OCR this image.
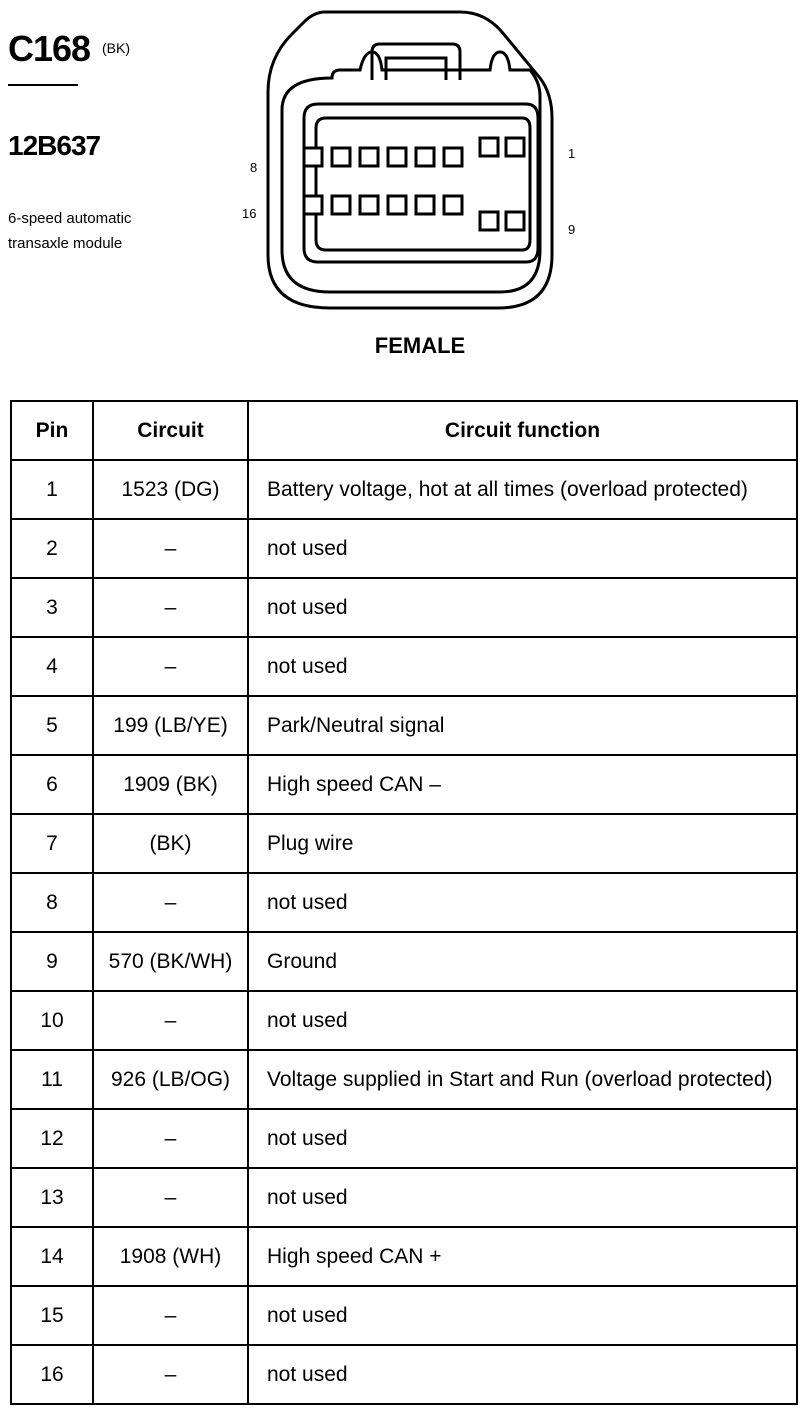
C168 (BK)
12B637
6-speed automatic
transaxle module
8
16
1
9
FEMALE
Pin	Circuit	Circuit function
1	1523 (DG)	Battery voltage, hot at all times (overload protected)
2	–	not used
3	–	not used
4	–	not used
5	199 (LB/YE)	Park/Neutral signal
6	1909 (BK)	High speed CAN –
7	(BK)	Plug wire
8	–	not used
9	570 (BK/WH)	Ground
10	–	not used
11	926 (LB/OG)	Voltage supplied in Start and Run (overload protected)
12	–	not used
13	–	not used
14	1908 (WH)	High speed CAN +
15	–	not used
16	–	not used
